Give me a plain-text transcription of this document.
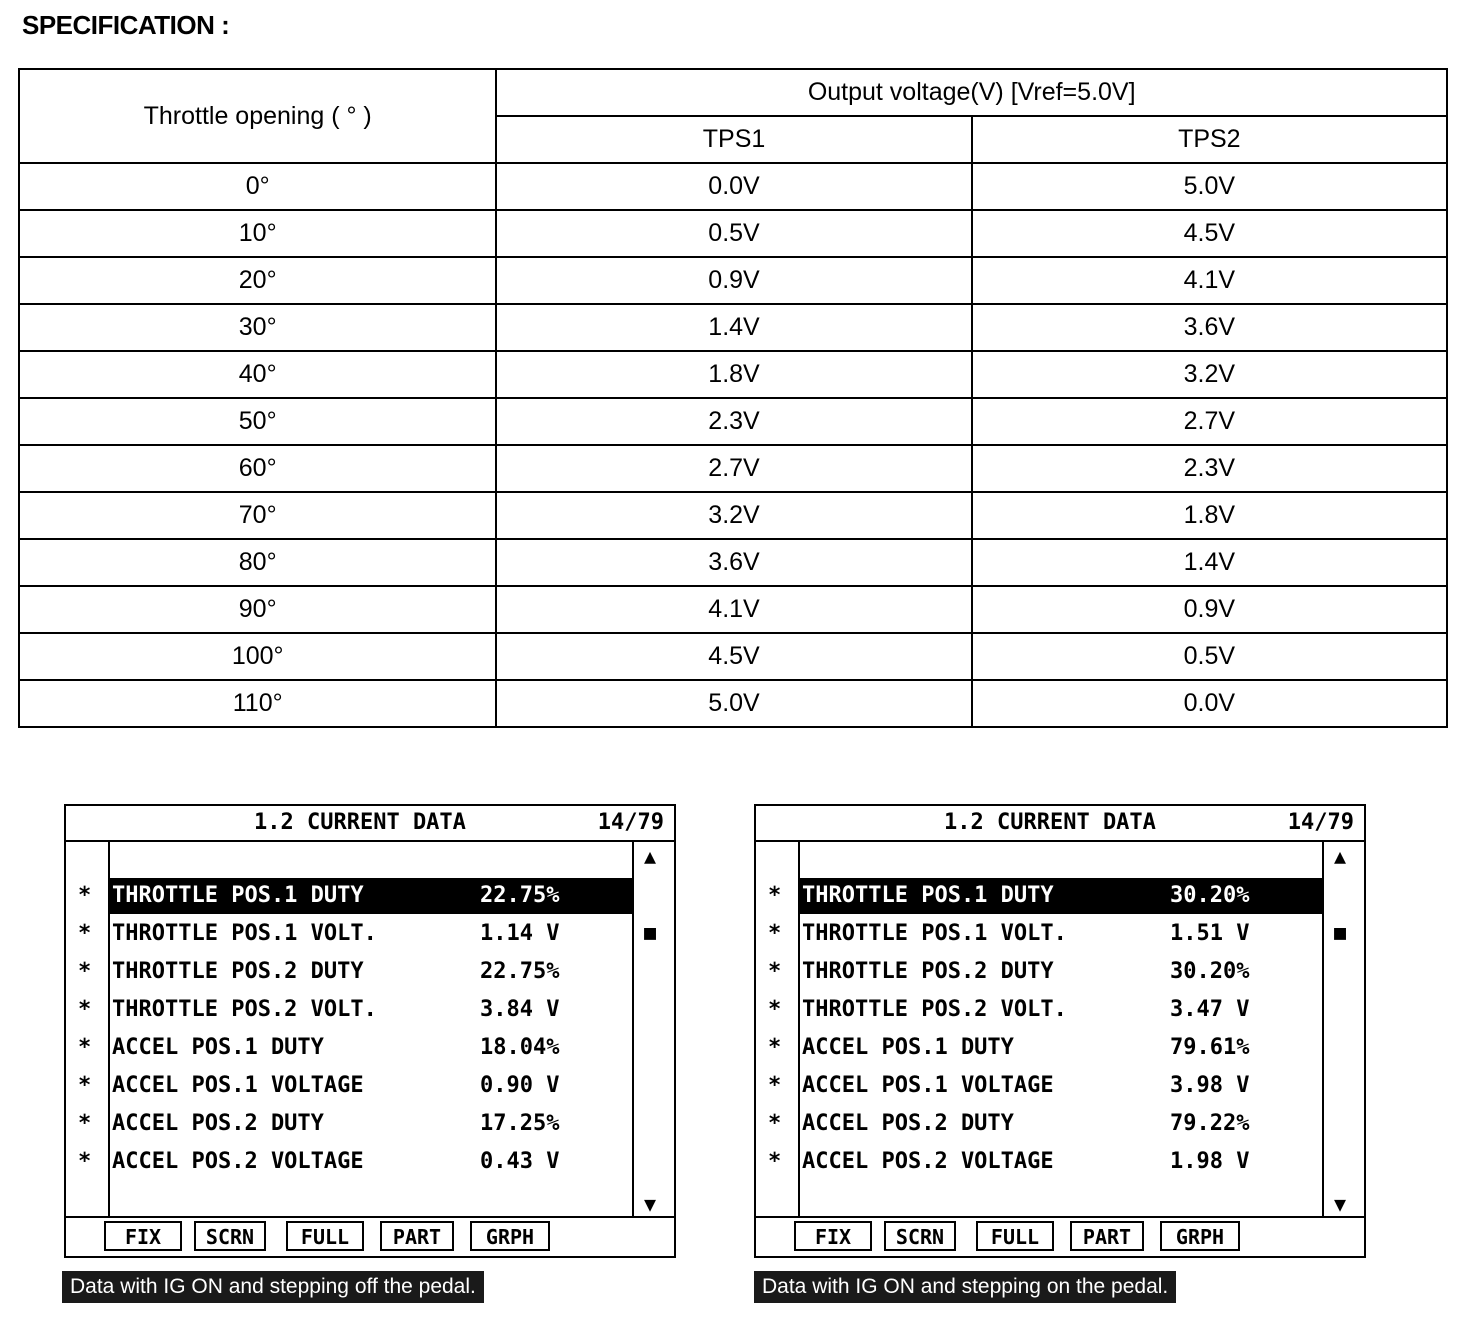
SPECIFICATION :
Throttle opening ( ° )	Output voltage(V) [Vref=5.0V]	
	TPS1	TPS2
0°	0.0V	5.0V
10°	0.5V	4.5V
20°	0.9V	4.1V
30°	1.4V	3.6V
40°	1.8V	3.2V
50°	2.3V	2.7V
60°	2.7V	2.3V
70°	3.2V	1.8V
80°	3.6V	1.4V
90°	4.1V	0.9V
100°	4.5V	0.5V
110°	5.0V	0.0V
1.2 CURRENT DATA	14/79
▲
■
▼
* THROTTLE POS.1 DUTY	22.75%
* THROTTLE POS.1 VOLT.	1.14 V
* THROTTLE POS.2 DUTY	22.75%
* THROTTLE POS.2 VOLT.	3.84 V
* ACCEL POS.1 DUTY	18.04%
* ACCEL POS.1 VOLTAGE	0.90 V
* ACCEL POS.2 DUTY	17.25%
* ACCEL POS.2 VOLTAGE	0.43 V
FIX	SCRN	FULL	PART	GRPH
Data with IG ON and stepping off the pedal.
1.2 CURRENT DATA	14/79
▲
■
▼
* THROTTLE POS.1 DUTY	30.20%
* THROTTLE POS.1 VOLT.	1.51 V
* THROTTLE POS.2 DUTY	30.20%
* THROTTLE POS.2 VOLT.	3.47 V
* ACCEL POS.1 DUTY	79.61%
* ACCEL POS.1 VOLTAGE	3.98 V
* ACCEL POS.2 DUTY	79.22%
* ACCEL POS.2 VOLTAGE	1.98 V
FIX	SCRN	FULL	PART	GRPH
Data with IG ON and stepping on the pedal.
